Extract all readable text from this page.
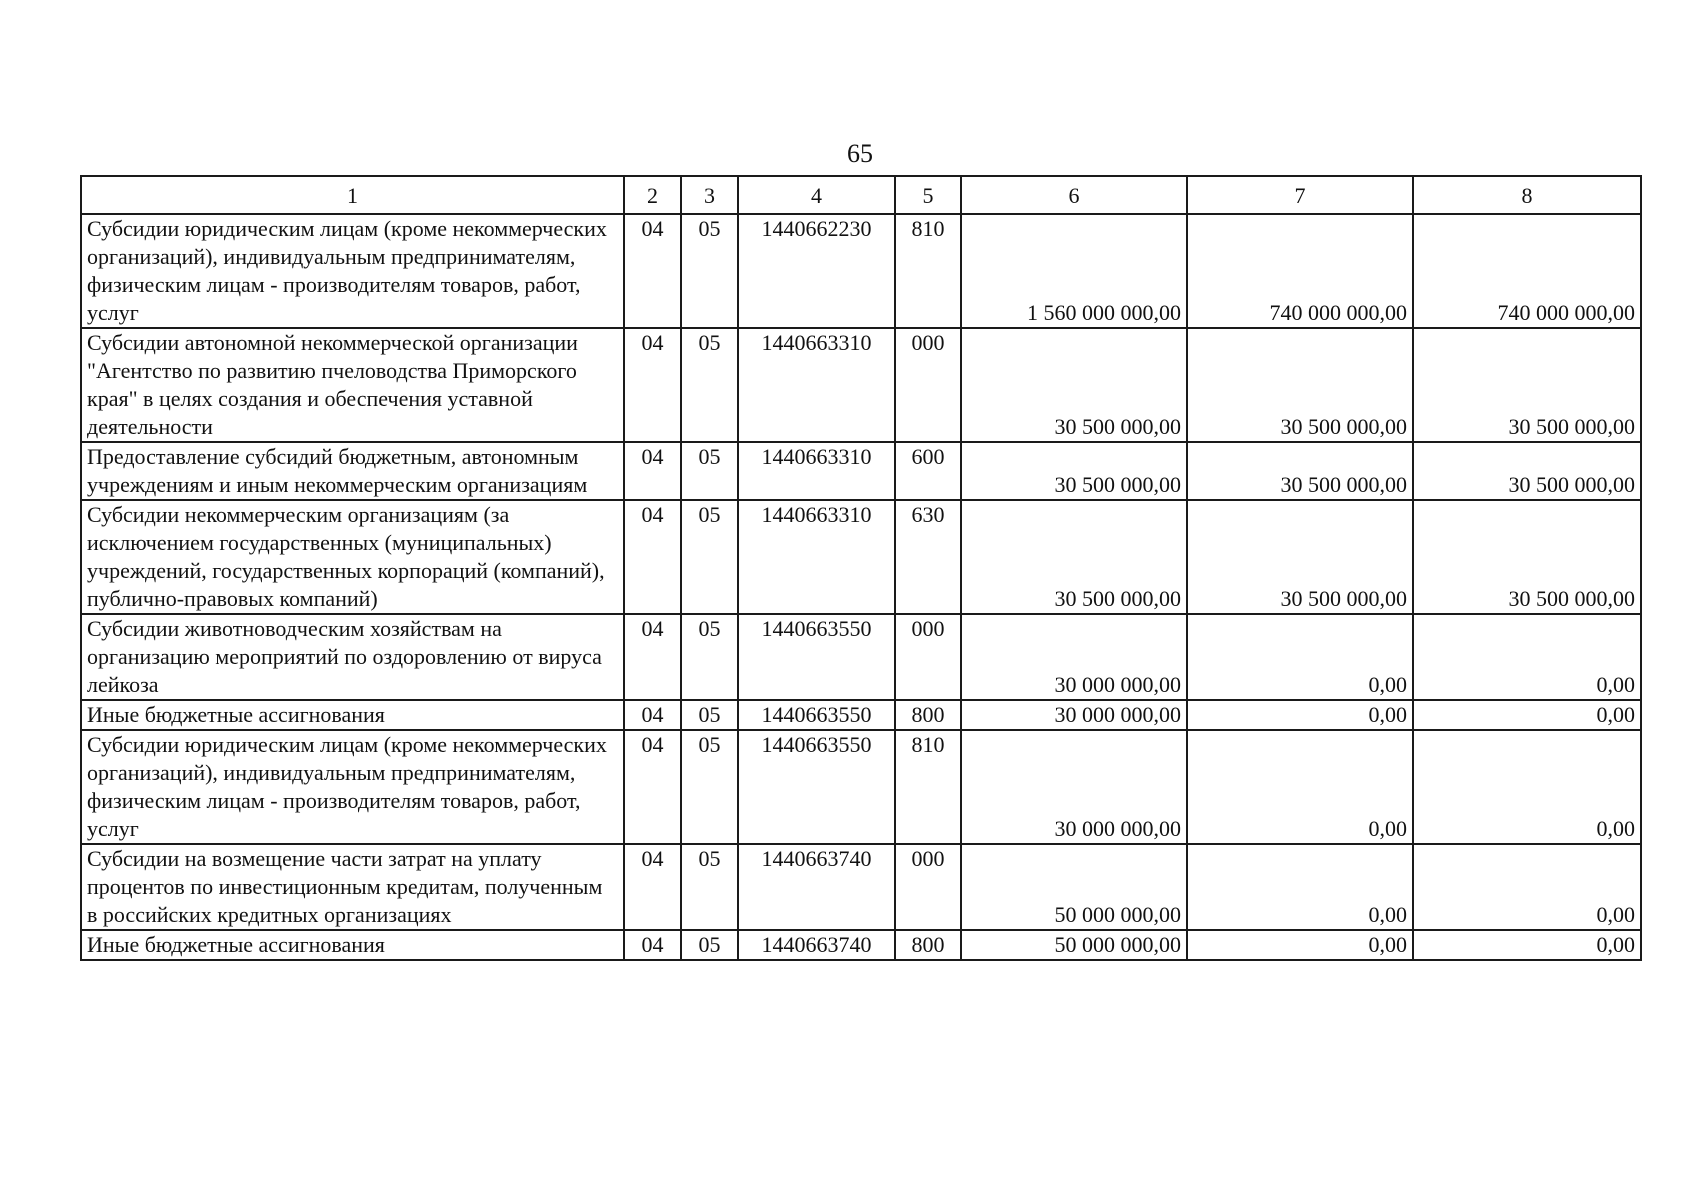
65
1	2	3	4	5	6	7	8
Субсидии юридическим лицам (кроме некоммерческих организаций), индивидуальным предпринимателям, физическим лицам - производителям товаров, работ, услуг	04	05	1440662230	810	1 560 000 000,00	740 000 000,00	740 000 000,00
Субсидии автономной некоммерческой организации "Агентство по развитию пчеловодства Приморского края" в целях создания и обеспечения уставной деятельности	04	05	1440663310	000	30 500 000,00	30 500 000,00	30 500 000,00
Предоставление субсидий бюджетным, автономным учреждениям и иным некоммерческим организациям	04	05	1440663310	600	30 500 000,00	30 500 000,00	30 500 000,00
Субсидии некоммерческим организациям (за исключением государственных (муниципальных) учреждений, государственных корпораций (компаний), публично-правовых компаний)	04	05	1440663310	630	30 500 000,00	30 500 000,00	30 500 000,00
Субсидии животноводческим хозяйствам на организацию мероприятий по оздоровлению от вируса лейкоза	04	05	1440663550	000	30 000 000,00	0,00	0,00
Иные бюджетные ассигнования	04	05	1440663550	800	30 000 000,00	0,00	0,00
Субсидии юридическим лицам (кроме некоммерческих организаций), индивидуальным предпринимателям, физическим лицам - производителям товаров, работ, услуг	04	05	1440663550	810	30 000 000,00	0,00	0,00
Субсидии на возмещение части затрат на уплату процентов по инвестиционным кредитам, полученным в российских кредитных организациях	04	05	1440663740	000	50 000 000,00	0,00	0,00
Иные бюджетные ассигнования	04	05	1440663740	800	50 000 000,00	0,00	0,00
